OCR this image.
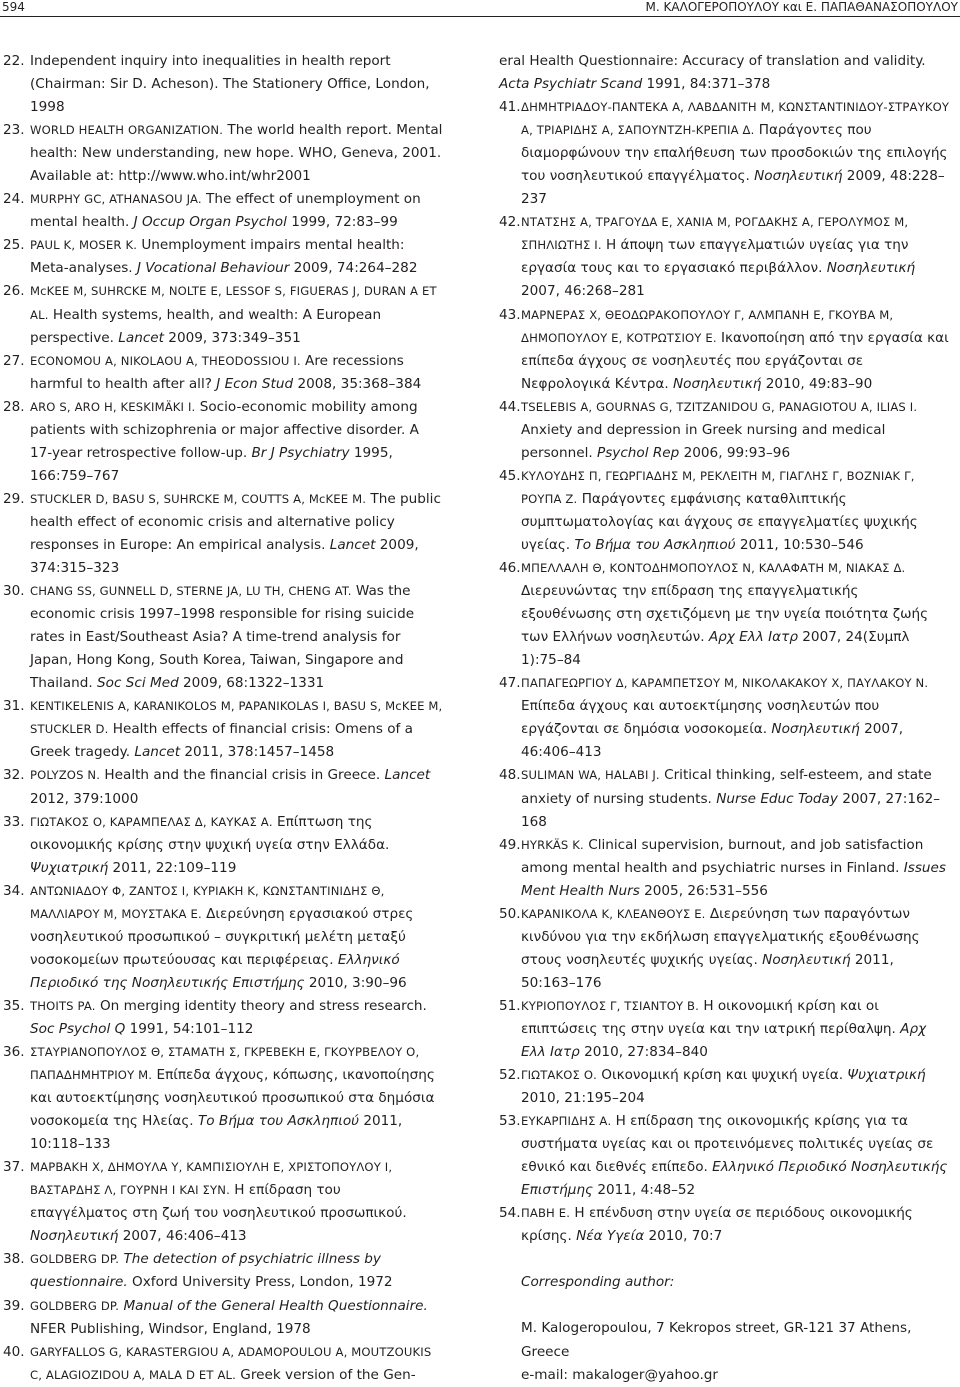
594	Μ. ΚΑΛΟΓΕΡΟΠΟΥΛΟΥ και Ε. ΠΑΠΑΘΑΝΑΣΟΠΟΥΛΟΥ
22. Independent inquiry into inequalities in health report (Chairman: Sir D. Acheson). The Stationery Office, London, 1998
23. WORLD HEALTH ORGANIZATION. The world health report. Mental health: New understanding, new hope. WHO, Geneva, 2001. Available at: http://www.who.int/whr2001
24. MURPHY GC, ATHANASOU JA. The effect of unemployment on mental health. J Occup Organ Psychol 1999, 72:83–99
25. PAUL K, MOSER K. Unemployment impairs mental health: Meta-analyses. J Vocational Behaviour 2009, 74:264–282
26. McKEE M, SUHRCKE M, NOLTE E, LESSOF S, FIGUERAS J, DURAN A ET AL. Health systems, health, and wealth: A European perspective. Lancet 2009, 373:349–351
27. ECONOMOU A, NIKOLAOU A, THEODOSSIOU I. Are recessions harmful to health after all? J Econ Stud 2008, 35:368–384
28. ARO S, ARO H, KESKIMÄKI I. Socio-economic mobility among patients with schizophrenia or major affective disorder. A 17-year retrospective follow-up. Br J Psychiatry 1995, 166:759–767
29. STUCKLER D, BASU S, SUHRCKE M, COUTTS A, McKEE M. The public health effect of economic crisis and alternative policy responses in Europe: An empirical analysis. Lancet 2009, 374:315–323
30. CHANG SS, GUNNELL D, STERNE JA, LU TH, CHENG AT. Was the economic crisis 1997–1998 responsible for rising suicide rates in East/Southeast Asia? A time-trend analysis for Japan, Hong Kong, South Korea, Taiwan, Singapore and Thailand. Soc Sci Med 2009, 68:1322–1331
31. KENTIKELENIS A, KARANIKOLOS M, PAPANIKOLAS I, BASU S, McKEE M, STUCKLER D. Health effects of financial crisis: Omens of a Greek tragedy. Lancet 2011, 378:1457–1458
32. POLYZOS N. Health and the financial crisis in Greece. Lancet 2012, 379:1000
33. ΓΙΩΤΑΚΟΣ Ο, ΚΑΡΑΜΠΕΛΑΣ Δ, ΚΑΥΚΑΣ Α. Επίπτωση της οικονομικής κρίσης στην ψυχική υγεία στην Ελλάδα. Ψυχιατρική 2011, 22:109–119
34. ΑΝΤΩΝΙΑΔΟΥ Φ, ΖΑΝΤΟΣ Ι, ΚΥΡΙΑΚΗ Κ, ΚΩΝΣΤΑΝΤΙΝΙΔΗΣ Θ, ΜΑΛΛΙΑΡΟΥ Μ, ΜΟΥΣΤΑΚΑ Ε. Διερεύνηση εργασιακού στρες νοσηλευτικού προσωπικού – συγκριτική μελέτη μεταξύ νοσοκομείων πρωτεύουσας και περιφέρειας. Ελληνικό Περιοδικό της Νοσηλευτικής Επιστήμης 2010, 3:90–96
35. THOITS PA. On merging identity theory and stress research. Soc Psychol Q 1991, 54:101–112
36. ΣΤΑΥΡΙΑΝΟΠΟΥΛΟΣ Θ, ΣΤΑΜΑΤΗ Σ, ΓΚΡΕΒΕΚΗ Ε, ΓΚΟΥΡΒΕΛΟΥ Ο, ΠΑΠΑΔΗΜΗΤΡΙΟΥ Μ. Επίπεδα άγχους, κόπωσης, ικανοποίησης και αυτοεκτίμησης νοσηλευτικού προσωπικού στα δημόσια νοσοκομεία της Ηλείας. Το Βήμα του Ασκληπιού 2011, 10:118–133
37. ΜΑΡΒΑΚΗ Χ, ΔΗΜΟΥΛΑ Υ, ΚΑΜΠΙΣΙΟΥΛΗ Ε, ΧΡΙΣΤΟΠΟΥΛΟΥ Ι, ΒΑΣΤΑΡΔΗΣ Λ, ΓΟΥΡΝΗ Ι ΚΑΙ ΣΥΝ. Η επίδραση του επαγγέλματος στη ζωή του νοσηλευτικού προσωπικού. Νοσηλευτική 2007, 46:406–413
38. GOLDBERG DP. The detection of psychiatric illness by questionnaire. Oxford University Press, London, 1972
39. GOLDBERG DP. Manual of the General Health Questionnaire. NFER Publishing, Windsor, England, 1978
40. GARYFALLOS G, KARASTERGIOU A, ADAMOPOULOU A, MOUTZOUKIS C, ALAGIOZIDOU A, MALA D ET AL. Greek version of the Gen-
eral Health Questionnaire: Accuracy of translation and validity. Acta Psychiatr Scand 1991, 84:371–378
41. ΔΗΜΗΤΡΙΑΔΟΥ-ΠΑΝΤΕΚΑ Α, ΛΑΒΔΑΝΙΤΗ Μ, ΚΩΝΣΤΑΝΤΙΝΙΔΟΥ-ΣΤΡΑΥΚΟΥ Α, ΤΡΙΑΡΙΔΗΣ Α, ΣΑΠΟΥΝΤΖΗ-ΚΡΕΠΙΑ Δ. Παράγοντες που διαμορφώνουν την επαλήθευση των προσδοκιών της επιλογής του νοσηλευτικού επαγγέλματος. Νοσηλευτική 2009, 48:228–237
42. ΝΤΑΤΣΗΣ Α, ΤΡΑΓΟΥΔΑ Ε, ΧΑΝΙΑ Μ, ΡΟΓΔΑΚΗΣ Α, ΓΕΡΟΛΥΜΟΣ Μ, ΣΠΗΛΙΩΤΗΣ Ι. Η άποψη των επαγγελματιών υγείας για την εργασία τους και το εργασιακό περιβάλλον. Νοσηλευτική 2007, 46:268–281
43. ΜΑΡΝΕΡΑΣ Χ, ΘΕΟΔΩΡΑΚΟΠΟΥΛΟΥ Γ, ΑΛΜΠΑΝΗ Ε, ΓΚΟΥΒΑ Μ, ΔΗΜΟΠΟΥΛΟΥ Ε, ΚΟΤΡΩΤΣΙΟΥ Ε. Ικανοποίηση από την εργασία και επίπεδα άγχους σε νοσηλευτές που εργάζονται σε Νεφρολογικά Κέντρα. Νοσηλευτική 2010, 49:83–90
44. TSELEBIS A, GOURNAS G, TZITZANIDOU G, PANAGIOTOU A, ILIAS I. Anxiety and depression in Greek nursing and medical personnel. Psychol Rep 2006, 99:93–96
45. ΚΥΛΟΥΔΗΣ Π, ΓΕΩΡΓΙΑΔΗΣ Μ, ΡΕΚΛΕΙΤΗ Μ, ΓΙΑΓΛΗΣ Γ, ΒΟΖΝΙΑΚ Γ, ΡΟΥΠΑ Ζ. Παράγοντες εμφάνισης καταθλιπτικής συμπτωματολογίας και άγχους σε επαγγελματίες ψυχικής υγείας. Το Βήμα του Ασκληπιού 2011, 10:530–546
46. ΜΠΕΛΛΑΛΗ Θ, ΚΟΝΤΟΔΗΜΟΠΟΥΛΟΣ Ν, ΚΑΛΑΦΑΤΗ Μ, ΝΙΑΚΑΣ Δ. Διερευνώντας την επίδραση της επαγγελματικής εξουθένωσης στη σχετιζόμενη με την υγεία ποιότητα ζωής των Ελλήνων νοσηλευτών. Αρχ Ελλ Ιατρ 2007, 24(Συμπλ 1):75–84
47. ΠΑΠΑΓΕΩΡΓΙΟΥ Δ, ΚΑΡΑΜΠΕΤΣΟΥ Μ, ΝΙΚΟΛΑΚΑΚΟΥ Χ, ΠΑΥΛΑΚΟΥ Ν. Επίπεδα άγχους και αυτοεκτίμησης νοσηλευτών που εργάζονται σε δημόσια νοσοκομεία. Νοσηλευτική 2007, 46:406–413
48. SULIMAN WA, HALABI J. Critical thinking, self-esteem, and state anxiety of nursing students. Nurse Educ Today 2007, 27:162–168
49. HYRKÄS K. Clinical supervision, burnout, and job satisfaction among mental health and psychiatric nurses in Finland. Issues Ment Health Nurs 2005, 26:531–556
50. ΚΑΡΑΝΙΚΟΛΑ Κ, ΚΛΕΑΝΘΟΥΣ Ε. Διερεύνηση των παραγόντων κινδύνου για την εκδήλωση επαγγελματικής εξουθένωσης στους νοσηλευτές ψυχικής υγείας. Νοσηλευτική 2011, 50:163–176
51. ΚΥΡΙΟΠΟΥΛΟΣ Γ, ΤΣΙΑΝΤΟΥ Β. Η οικονομική κρίση και οι επιπτώσεις της στην υγεία και την ιατρική περίθαλψη. Αρχ Ελλ Ιατρ 2010, 27:834–840
52. ΓΙΩΤΑΚΟΣ Ο. Οικονομική κρίση και ψυχική υγεία. Ψυχιατρική 2010, 21:195–204
53. ΕΥΚΑΡΠΙΔΗΣ Α. Η επίδραση της οικονομικής κρίσης για τα συστήματα υγείας και οι προτεινόμενες πολιτικές υγείας σε εθνικό και διεθνές επίπεδο. Ελληνικό Περιοδικό Νοσηλευτικής Επιστήμης 2011, 4:48–52
54. ΠΑΒΗ Ε. Η επένδυση στην υγεία σε περιόδους οικονομικής κρίσης. Νέα Υγεία 2010, 70:7
Corresponding author:
M. Kalogeropoulou, 7 Kekropos street, GR-121 37 Athens, Greece
e-mail: makaloger@yahoo.gr
